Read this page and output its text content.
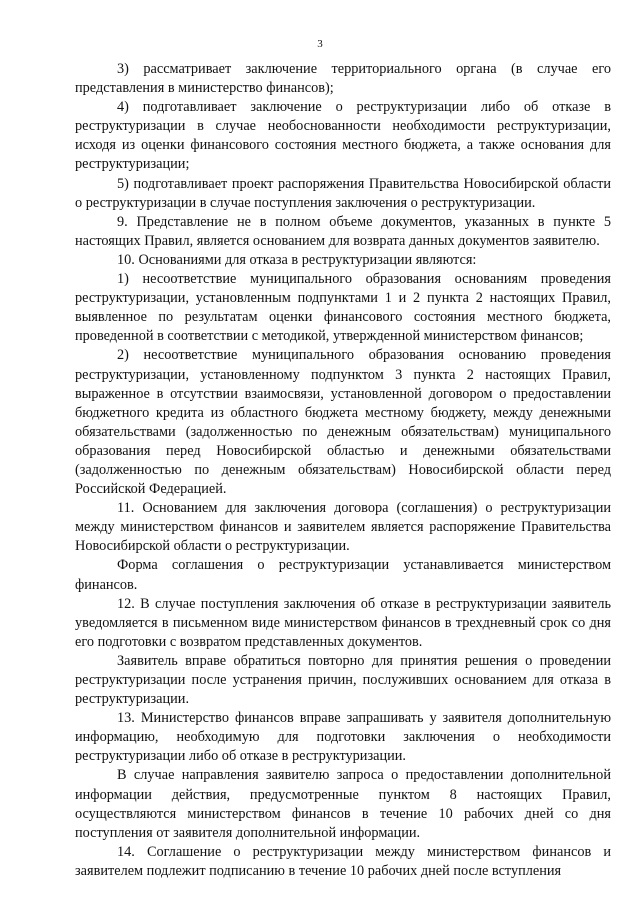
3

3) рассматривает заключение территориального органа (в случае его представления в министерство финансов);

4) подготавливает заключение о реструктуризации либо об отказе в реструктуризации в случае необоснованности необходимости реструктуризации, исходя из оценки финансового состояния местного бюджета, а также основания для реструктуризации;

5) подготавливает проект распоряжения Правительства Новосибирской области о реструктуризации в случае поступления заключения о реструктуризации.

9. Представление не в полном объеме документов, указанных в пункте 5 настоящих Правил, является основанием для возврата данных документов заявителю.

10. Основаниями для отказа в реструктуризации являются:

1) несоответствие муниципального образования основаниям проведения реструктуризации, установленным подпунктами 1 и 2 пункта 2 настоящих Правил, выявленное по результатам оценки финансового состояния местного бюджета, проведенной в соответствии с методикой, утвержденной министерством финансов;

2) несоответствие муниципального образования основанию проведения реструктуризации, установленному подпунктом 3 пункта 2 настоящих Правил, выраженное в отсутствии взаимосвязи, установленной договором о предоставлении бюджетного кредита из областного бюджета местному бюджету, между денежными обязательствами (задолженностью по денежным обязательствам) муниципального образования перед Новосибирской областью и денежными обязательствами (задолженностью по денежным обязательствам) Новосибирской области перед Российской Федерацией.

11. Основанием для заключения договора (соглашения) о реструктуризации между министерством финансов и заявителем является распоряжение Правительства Новосибирской области о реструктуризации.

Форма соглашения о реструктуризации устанавливается министерством финансов.

12. В случае поступления заключения об отказе в реструктуризации заявитель уведомляется в письменном виде министерством финансов в трехдневный срок со дня его подготовки с возвратом представленных документов.

Заявитель вправе обратиться повторно для принятия решения о проведении реструктуризации после устранения причин, послуживших основанием для отказа в реструктуризации.

13. Министерство финансов вправе запрашивать у заявителя дополнительную информацию, необходимую для подготовки заключения о необходимости реструктуризации либо об отказе в реструктуризации.

В случае направления заявителю запроса о предоставлении дополнительной информации действия, предусмотренные пунктом 8 настоящих Правил, осуществляются министерством финансов в течение 10 рабочих дней со дня поступления от заявителя дополнительной информации.

14. Соглашение о реструктуризации между министерством финансов и заявителем подлежит подписанию в течение 10 рабочих дней после вступления
